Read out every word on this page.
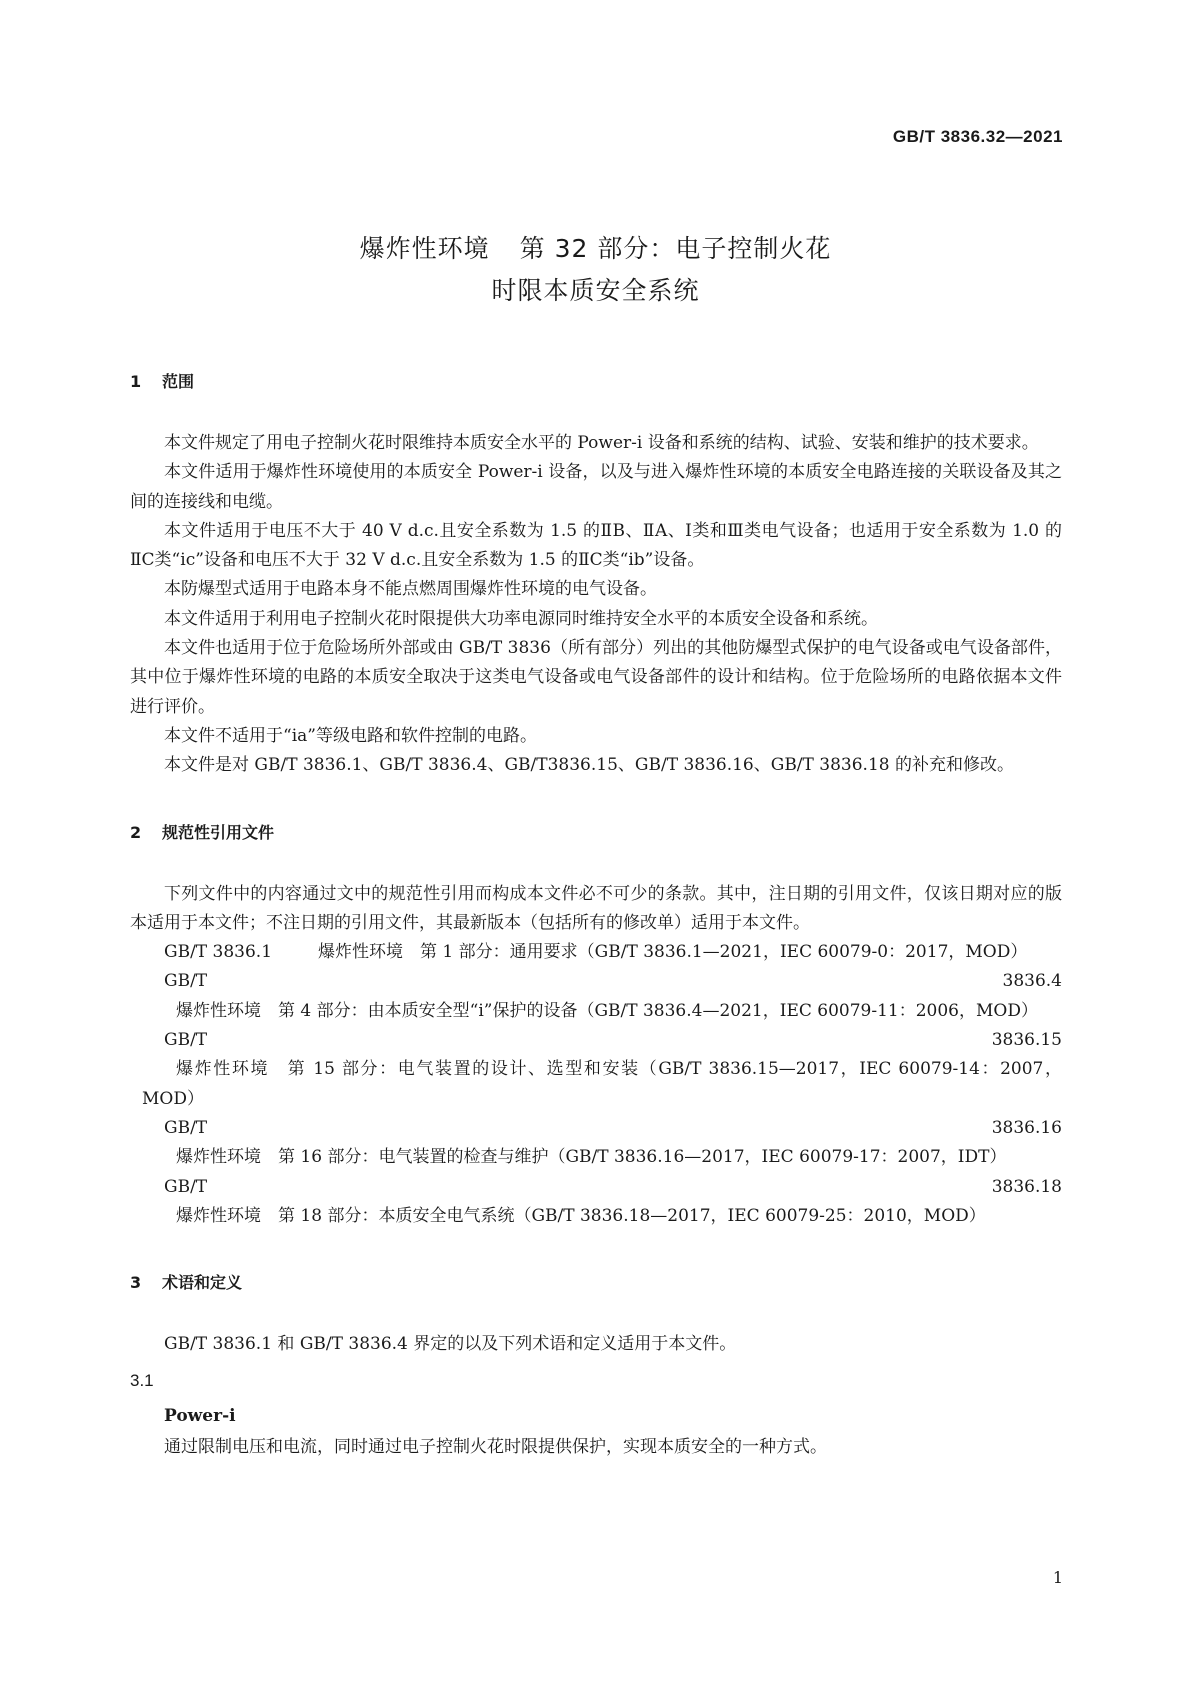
GB/T 3836.32—2021
爆炸性环境 第 32 部分：电子控制火花
时限本质安全系统
1 范围

本文件规定了用电子控制火花时限维持本质安全水平的 Power-i 设备和系统的结构、试验、安装和维护的技术要求。

本文件适用于爆炸性环境使用的本质安全 Power-i 设备，以及与进入爆炸性环境的本质安全电路连接的关联设备及其之间的连接线和电缆。

本文件适用于电压不大于 40 V d.c.且安全系数为 1.5 的ⅡB、ⅡA、Ⅰ类和Ⅲ类电气设备；也适用于安全系数为 1.0 的ⅡC类“ic”设备和电压不大于 32 V d.c.且安全系数为 1.5 的ⅡC类“ib”设备。

本防爆型式适用于电路本身不能点燃周围爆炸性环境的电气设备。

本文件适用于利用电子控制火花时限提供大功率电源同时维持安全水平的本质安全设备和系统。

本文件也适用于位于危险场所外部或由 GB/T 3836（所有部分）列出的其他防爆型式保护的电气设备或电气设备部件，其中位于爆炸性环境的电路的本质安全取决于这类电气设备或电气设备部件的设计和结构。位于危险场所的电路依据本文件进行评价。

本文件不适用于“ia”等级电路和软件控制的电路。

本文件是对 GB/T 3836.1、GB/T 3836.4、GB/T3836.15、GB/T 3836.16、GB/T 3836.18 的补充和修改。

2 规范性引用文件

下列文件中的内容通过文中的规范性引用而构成本文件必不可少的条款。其中，注日期的引用文件，仅该日期对应的版本适用于本文件；不注日期的引用文件，其最新版本（包括所有的修改单）适用于本文件。

GB/T 3836.1	爆炸性环境　第 1 部分：通用要求（GB/T 3836.1—2021，IEC 60079-0：2017，MOD）

GB/T 3836.4爆炸性环境　第 4 部分：由本质安全型“i”保护的设备（GB/T 3836.4—2021，IEC 60079-11：2006，MOD）

GB/T 3836.15爆炸性环境　第 15 部分：电气装置的设计、选型和安装（GB/T 3836.15—2017，IEC 60079-14：2007，MOD）

GB/T 3836.16爆炸性环境　第 16 部分：电气装置的检查与维护（GB/T 3836.16—2017，IEC 60079-17：2007，IDT）

GB/T 3836.18爆炸性环境　第 18 部分：本质安全电气系统（GB/T 3836.18—2017，IEC 60079-25：2010，MOD）

3 术语和定义

GB/T 3836.1 和 GB/T 3836.4 界定的以及下列术语和定义适用于本文件。

3.1
Power-i
通过限制电压和电流，同时通过电子控制火花时限提供保护，实现本质安全的一种方式。
1
